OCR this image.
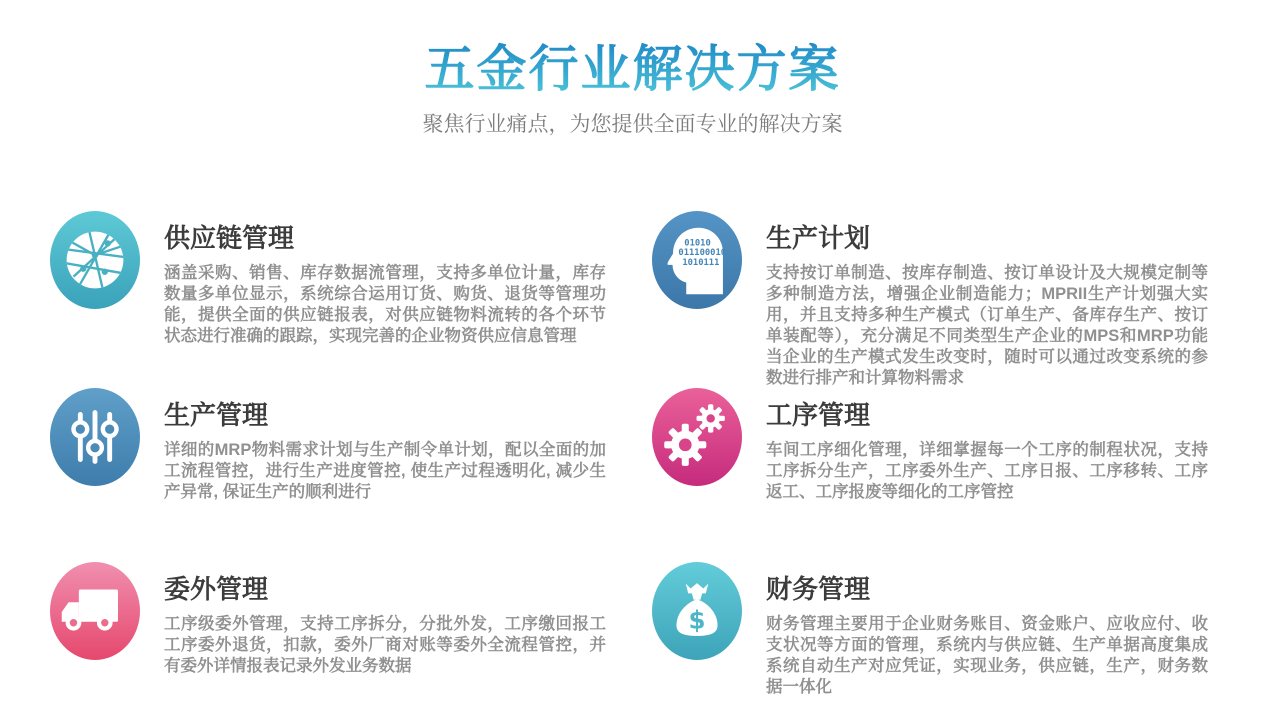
五金行业解决方案
聚焦行业痛点，为您提供全面专业的解决方案
供应链管理
涵盖采购、销售、库存数据流管理，支持多单位计量，库存数量多单位显示，系统综合运用订货、购货、退货等管理功能，提供全面的供应链报表，对供应链物料流转的各个环节状态进行准确的跟踪，实现完善的企业物资供应信息管理
01010
011100010
1010111
生产计划
支持按订单制造、按库存制造、按订单设计及大规模定制等多种制造方法，增强企业制造能力；MPRII生产计划强大实用，并且支持多种生产模式（订单生产、备库存生产、按订单装配等），充分满足不同类型生产企业的MPS和MRP功能当企业的生产模式发生改变时，随时可以通过改变系统的参数进行排产和计算物料需求
生产管理
详细的MRP物料需求计划与生产制令单计划，配以全面的加工流程管控，进行生产进度管控, 使生产过程透明化, 减少生产异常, 保证生产的顺利进行
工序管理
车间工序细化管理，详细掌握每一个工序的制程状况，支持工序拆分生产，工序委外生产、工序日报、工序移转、工序返工、工序报废等细化的工序管控
委外管理
工序级委外管理，支持工序拆分，分批外发，工序缴回报工工序委外退货，扣款，委外厂商对账等委外全流程管控，并有委外详情报表记录外发业务数据
$
财务管理
财务管理主要用于企业财务账目、资金账户、应收应付、收支状况等方面的管理，系统内与供应链、生产单据高度集成系统自动生产对应凭证，实现业务，供应链，生产，财务数据一体化
